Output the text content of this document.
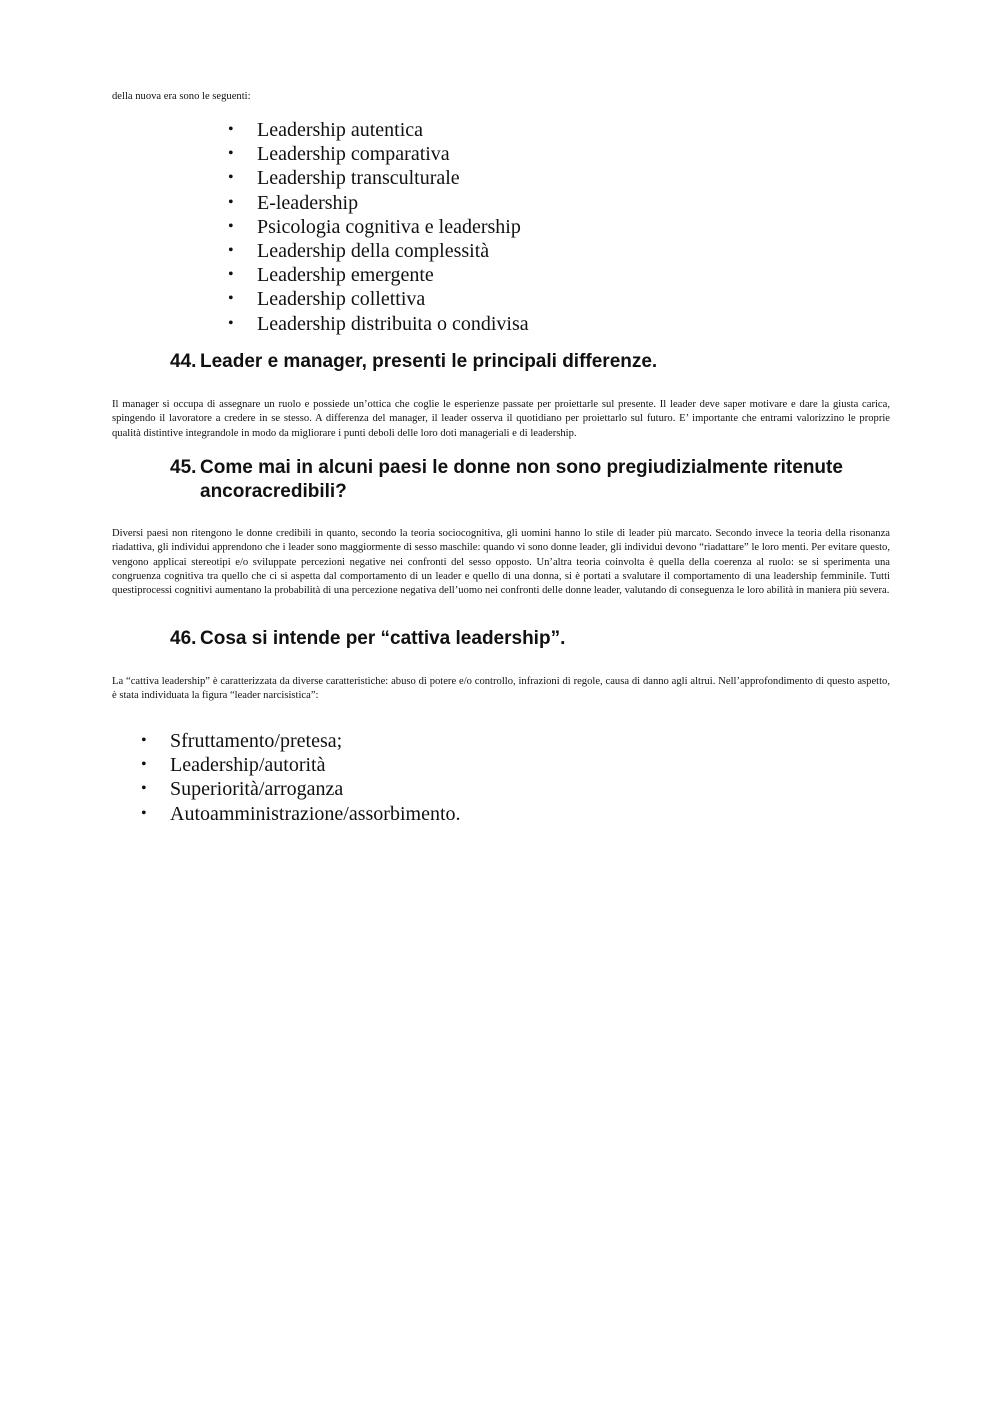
della nuova era sono le seguenti:

• Leadership autentica
• Leadership comparativa
• Leadership transculturale
• E-leadership
• Psicologia cognitiva e leadership
• Leadership della complessità
• Leadership emergente
• Leadership collettiva
• Leadership distribuita o condivisa
44. Leader e manager, presenti le principali differenze.

Il manager si occupa di assegnare un ruolo e possiede un’ottica che coglie le esperienze passate per proiettarle sul presente. Il leader deve saper motivare e dare la giusta carica, spingendo il lavoratore a credere in se stesso. A differenza del manager, il leader osserva il quotidiano per proiettarlo sul futuro. E’ importante che entrami valorizzino le proprie qualità distintive integrandole in modo da migliorare i punti deboli delle loro doti manageriali e di leadership.

45. Come mai in alcuni paesi le donne non sono pregiudizialmente ritenute
ancoracredibili?

Diversi paesi non ritengono le donne credibili in quanto, secondo la teoria sociocognitiva, gli uomini hanno lo stile di leader più marcato. Secondo invece la teoria della risonanza riadattiva, gli individui apprendono che i leader sono maggiormente di sesso maschile: quando vi sono donne leader, gli individui devono “riadattare” le loro menti. Per evitare questo, vengono applicai stereotipi e/o sviluppate percezioni negative nei confronti del sesso opposto. Un’altra teoria coinvolta è quella della coerenza al ruolo: se si sperimenta una congruenza cognitiva tra quello che ci si aspetta dal comportamento di un leader e quello di una donna, si è portati a svalutare il comportamento di una leadership femminile. Tutti questiprocessi cognitivi aumentano la probabilità di una percezione negativa dell’uomo nei confronti delle donne leader, valutando di conseguenza le loro abilità in maniera più severa.

46. Cosa si intende per “cattiva leadership”.

La “cattiva leadership” è caratterizzata da diverse caratteristiche: abuso di potere e/o controllo, infrazioni di regole, causa di danno agli altrui. Nell’approfondimento di questo aspetto, è stata individuata la figura “leader narcisistica”:

• Sfruttamento/pretesa;
• Leadership/autorità
• Superiorità/arroganza
• Autoamministrazione/assorbimento.
